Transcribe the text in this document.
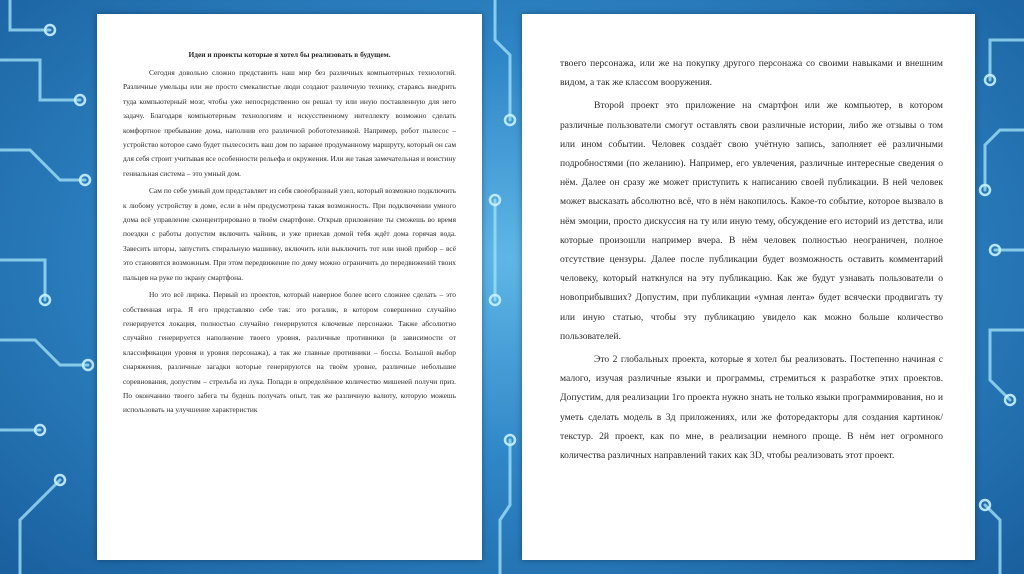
Идеи и проекты которые я хотел бы реализовать в будущем.

Сегодня довольно сложно представить наш мир без различных компьютерных технологий. Различные умельцы или же просто смекалистые люди создают различную технику, стараясь внедрить туда компьютерный мозг, чтобы уже непосредственно он решал ту или иную поставленную для него задачу. Благодаря компьютерным технологиям и искусственному интеллекту возможно сделать комфортное пребывание дома, наполнив его различной робототехникой. Например, робот пылесос – устройство которое само будет пылесосить ваш дом по заранее продуманному маршруту, который он сам для себя строит учитывая все особенности рельефа и окружения. Или же такая замечательная и воистину гениальная система – это умный дом.

Сам по себе умный дом представляет из себя своеобразный узел, который возможно подключить к любому устройству в доме, если в нём предусмотрена такая возможность. При подключении умного дома всё управление сконцентрировано в твоём смартфоне. Открыв приложение ты сможешь во время поездки с работы допустим включить чайник, и уже приехав домой тебя ждёт дома горячая вода. Завесить шторы, запустить стиральную машинку, включить или выключить тот или иной прибор – всё это становится возможным. При этом передвижение по дому можно ограничить до передвижений твоих пальцев на руке по экрану смартфона.

Но это всё лирика. Первый из проектов, который наверное более всего сложнее сделать – это собственная игра. Я его представляю себе так: это рогалик, в котором совершенно случайно генерируется локация, полностью случайно генерируются ключевые персонажи. Также абсолютно случайно генерируется наполнение твоего уровня, различные противники (в зависимости от классификации уровня и уровня персонажа), а так же главные противники – боссы. Большой выбор снаряжения, различные загадки которые генерируются на твоём уровне, различные небольшие соревнования, допустим – стрельба из лука. Попади в определённое количество мишеней получи приз. По окончанию твоего забега ты будешь получать опыт, так же различную валюту, которую можешь использовать на улучшение характеристик

твоего персонажа, или же на покупку другого персонажа со своими навыками и внешним видом, а так же классом вооружения.

Второй проект это приложение на смартфон или же компьютер, в котором различные пользователи смогут оставлять свои различные истории, либо же отзывы о том или ином событии. Человек создаёт свою учётную запись, заполняет её различными подробностями (по желанию). Например, его увлечения, различные интересные сведения о нём. Далее он сразу же может приступить к написанию своей публикации. В ней человек может высказать абсолютно всё, что в нём накопилось. Какое-то событие, которое вызвало в нём эмоции, просто дискуссия на ту или иную тему, обсуждение его историй из детства, или которые произошли например вчера. В нём человек полностью неограничен, полное отсутствие цензуры. Далее после публикации будет возможность оставить комментарий человеку, который наткнулся на эту публикацию. Как же будут узнавать пользователи о новоприбывших? Допустим, при публикации «умная лента» будет всячески продвигать ту или иную статью, чтобы эту публикацию увидело как можно больше количество пользователей.

Это 2 глобальных проекта, которые я хотел бы реализовать. Постепенно начиная с малого, изучая различные языки и программы, стремиться к разработке этих проектов. Допустим, для реализации 1го проекта нужно знать не только языки программирования, но и уметь сделать модель в 3д приложениях, или же фоторедакторы для создания картинок/текстур. 2й проект, как по мне, в реализации немного проще. В нём нет огромного количества различных направлений таких как 3D, чтобы реализовать этот проект.
